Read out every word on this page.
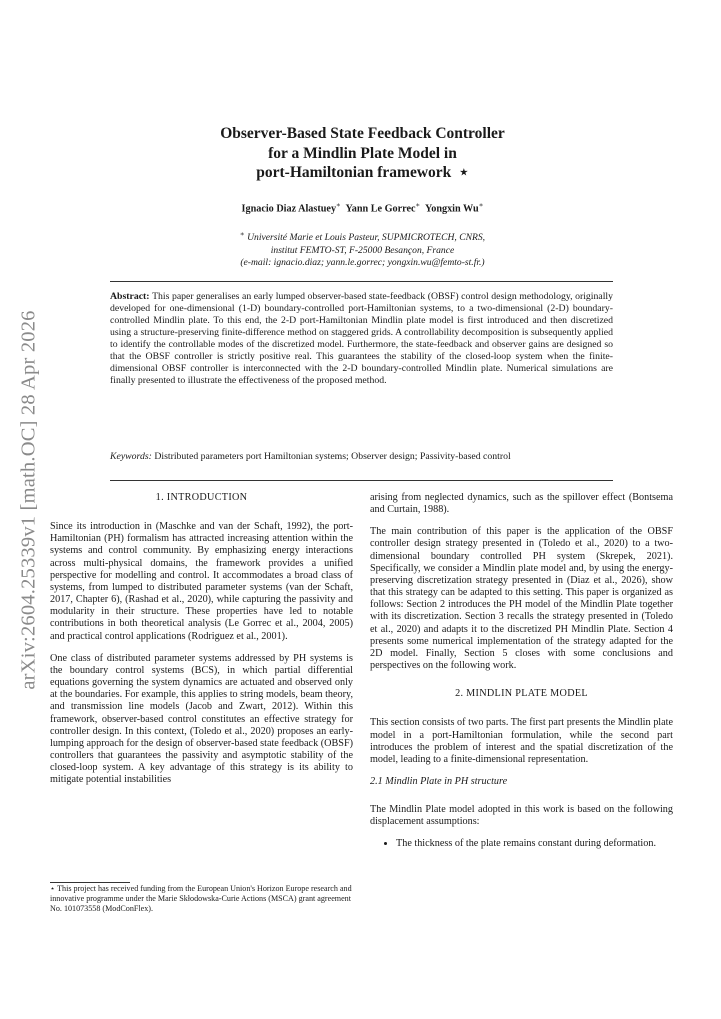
arXiv:2604.25339v1 [math.OC] 28 Apr 2026
Observer-Based State Feedback Controller
for a Mindlin Plate Model in
port-Hamiltonian framework ⋆
Ignacio Diaz Alastuey∗ Yann Le Gorrec∗ Yongxin Wu∗
∗ Université Marie et Louis Pasteur, SUPMICROTECH, CNRS,
institut FEMTO-ST, F-25000 Besançon, France
(e-mail: ignacio.diaz; yann.le.gorrec; yongxin.wu@femto-st.fr.)
Abstract: This paper generalises an early lumped observer-based state-feedback (OBSF) control design methodology, originally developed for one-dimensional (1-D) boundary-controlled port-Hamiltonian systems, to a two-dimensional (2-D) boundary-controlled Mindlin plate. To this end, the 2-D port-Hamiltonian Mindlin plate model is first introduced and then discretized using a structure-preserving finite-difference method on staggered grids. A controllability decomposition is subsequently applied to identify the controllable modes of the discretized model. Furthermore, the state-feedback and observer gains are designed so that the OBSF controller is strictly positive real. This guarantees the stability of the closed-loop system when the finite-dimensional OBSF controller is interconnected with the 2-D boundary-controlled Mindlin plate. Numerical simulations are finally presented to illustrate the effectiveness of the proposed method.
Keywords: Distributed parameters port Hamiltonian systems; Observer design; Passivity-based control
1. INTRODUCTION

Since its introduction in (Maschke and van der Schaft, 1992), the port-Hamiltonian (PH) formalism has attracted increasing attention within the systems and control community. By emphasizing energy interactions across multi-physical domains, the framework provides a unified perspective for modelling and control. It accommodates a broad class of systems, from lumped to distributed parameter systems (van der Schaft, 2017, Chapter 6), (Rashad et al., 2020), while capturing the passivity and modularity in their structure. These properties have led to notable contributions in both theoretical analysis (Le Gorrec et al., 2004, 2005) and practical control applications (Rodriguez et al., 2001).

One class of distributed parameter systems addressed by PH systems is the boundary control systems (BCS), in which partial differential equations governing the system dynamics are actuated and observed only at the boundaries. For example, this applies to string models, beam theory, and transmission line models (Jacob and Zwart, 2012). Within this framework, observer-based control constitutes an effective strategy for controller design. In this context, (Toledo et al., 2020) proposes an early-lumping approach for the design of observer-based state feedback (OBSF) controllers that guarantees the passivity and asymptotic stability of the closed-loop system. A key advantage of this strategy is its ability to mitigate potential instabilities

⋆ This project has received funding from the European Union's Horizon Europe research and innovative programme under the Marie Skłodowska-Curie Actions (MSCA) grant agreement No. 101073558 (ModConFlex).

arising from neglected dynamics, such as the spillover effect (Bontsema and Curtain, 1988).

The main contribution of this paper is the application of the OBSF controller design strategy presented in (Toledo et al., 2020) to a two-dimensional boundary controlled PH system (Skrepek, 2021). Specifically, we consider a Mindlin plate model and, by using the energy-preserving discretization strategy presented in (Diaz et al., 2026), show that this strategy can be adapted to this setting. This paper is organized as follows: Section 2 introduces the PH model of the Mindlin Plate together with its discretization. Section 3 recalls the strategy presented in (Toledo et al., 2020) and adapts it to the discretized PH Mindlin Plate. Section 4 presents some numerical implementation of the strategy adapted for the 2D model. Finally, Section 5 closes with some conclusions and perspectives on the following work.

2. MINDLIN PLATE MODEL

This section consists of two parts. The first part presents the Mindlin plate model in a port-Hamiltonian formulation, while the second part introduces the problem of interest and the spatial discretization of the model, leading to a finite-dimensional representation.

2.1 Mindlin Plate in PH structure

The Mindlin Plate model adopted in this work is based on the following displacement assumptions:

• The thickness of the plate remains constant during deformation.
